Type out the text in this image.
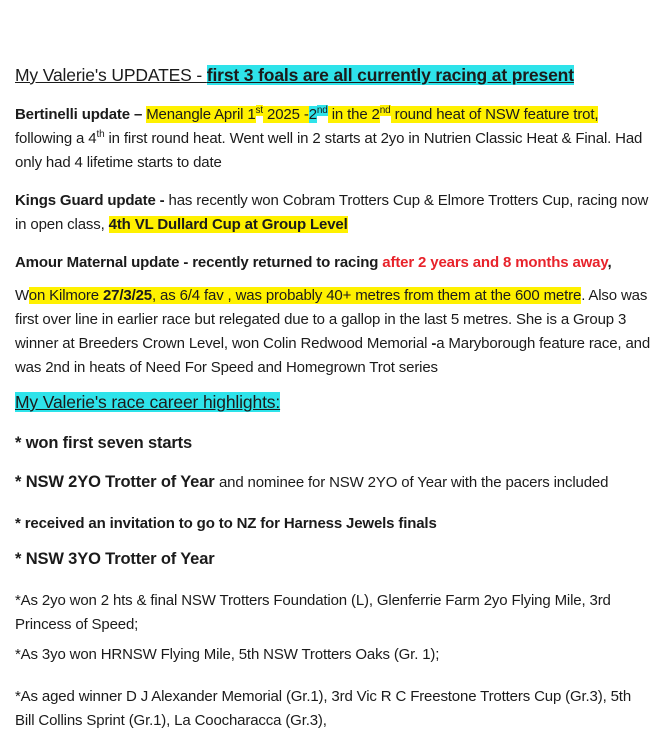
My Valerie's UPDATES - first 3 foals are all currently racing at present

Bertinelli update – Menangle April 1st 2025 -2nd in the 2nd round heat of NSW feature trot, following a 4th in first round heat. Went well in 2 starts at 2yo in Nutrien Classic Heat & Final. Had only had 4 lifetime starts to date

Kings Guard update - has recently won Cobram Trotters Cup & Elmore Trotters Cup, racing now in open class, 4th VL Dullard Cup at Group Level

Amour Maternal update - recently returned to racing after 2 years and 8 months away,

Won Kilmore 27/3/25, as 6/4 fav , was probably 40+ metres from them at the 600 metre. Also was first over line in earlier race but relegated due to a gallop in the last 5 metres. She is a Group 3 winner at Breeders Crown Level, won Colin Redwood Memorial -a Maryborough feature race, and was 2nd in heats of Need For Speed and Homegrown Trot series

My Valerie's race career highlights:
* won first seven starts
* NSW 2YO Trotter of Year and nominee for NSW 2YO of Year with the pacers included
* received an invitation to go to NZ for Harness Jewels finals
* NSW 3YO Trotter of Year

*As 2yo won 2 hts & final NSW Trotters Foundation (L), Glenferrie Farm 2yo Flying Mile, 3rd Princess of Speed;

*As 3yo won HRNSW Flying Mile, 5th NSW Trotters Oaks (Gr. 1);

*As aged winner D J Alexander Memorial (Gr.1), 3rd Vic R C Freestone Trotters Cup (Gr.3), 5th Bill Collins Sprint (Gr.1), La Coocharacca (Gr.3),
